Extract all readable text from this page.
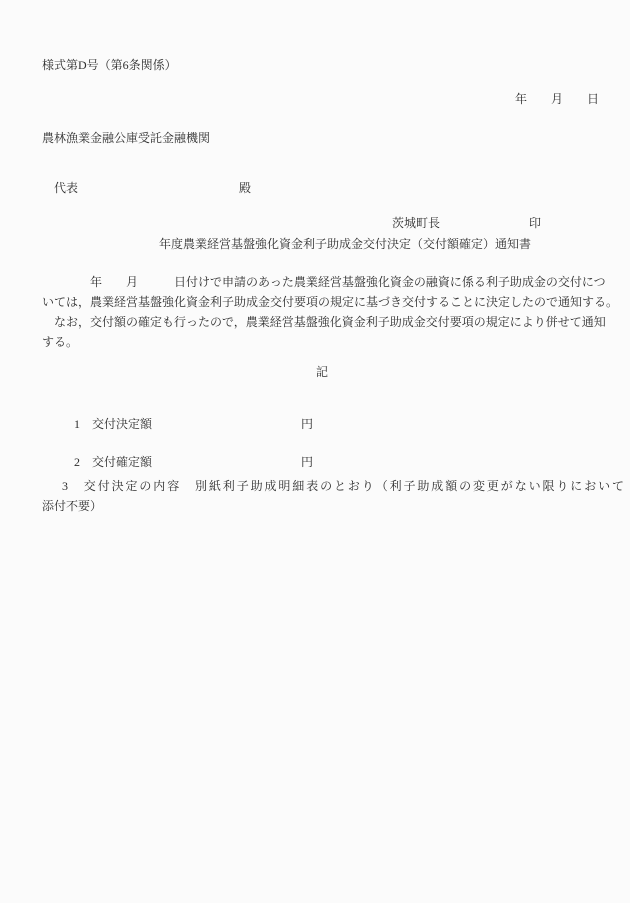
様式第D号（第6条関係）
年　　月　　日
農林漁業金融公庫受託金融機関

代表	殿

茨城町長	印

年度農業経営基盤強化資金利子助成金交付決定（交付額確定）通知書
　　　　年　　月　　　日付けで申請のあった農業経営基盤強化資金の融資に係る利子助成金の交付につ
いては，農業経営基盤強化資金利子助成金交付要項の規定に基づき交付することに決定したので通知する。
　なお，交付額の確定も行ったので，農業経営基盤強化資金利子助成金交付要項の規定により併せて通知
する。
記

1 交付決定額	円

2 交付確定額	円

3　交付決定の内容　別紙利子助成明細表のとおり（利子助成額の変更がない限りにおいて
添付不要）
